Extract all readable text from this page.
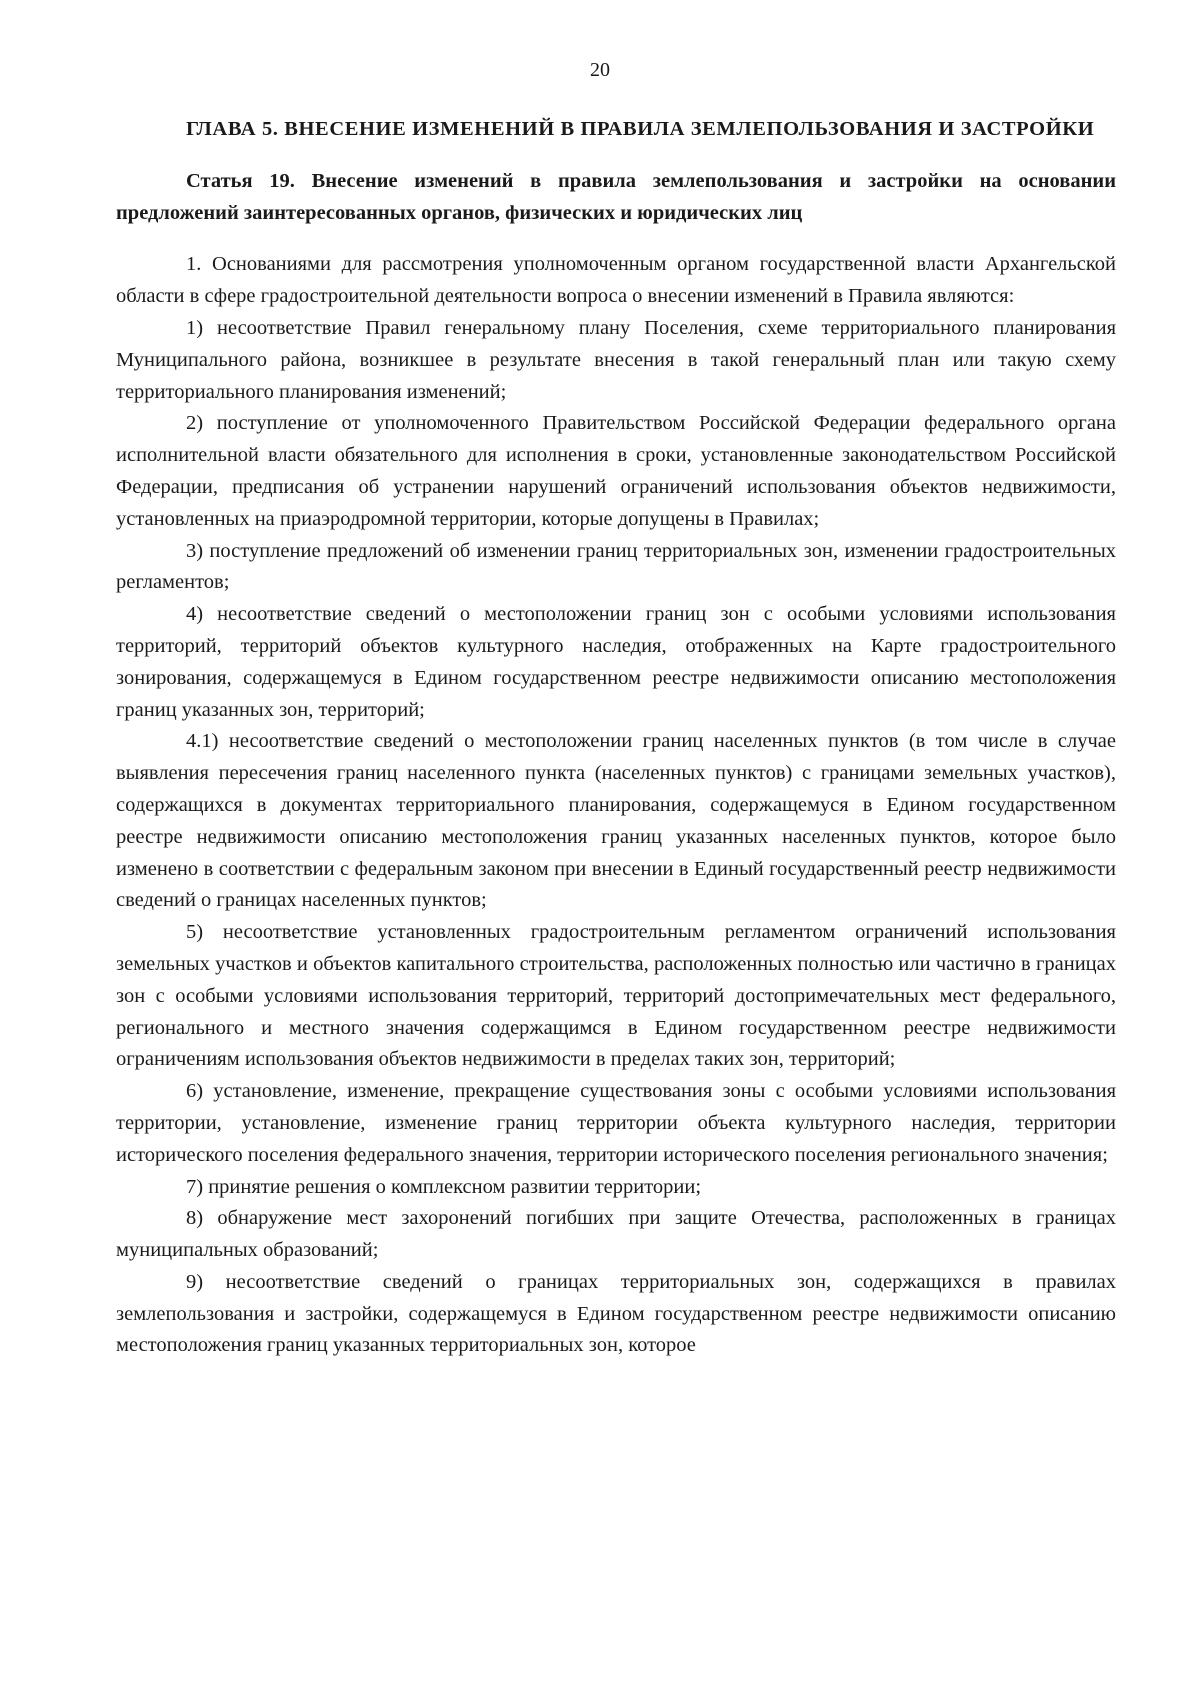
20
ГЛАВА 5. ВНЕСЕНИЕ ИЗМЕНЕНИЙ В ПРАВИЛА ЗЕМЛЕПОЛЬЗОВАНИЯ И ЗАСТРОЙКИ
Статья 19. Внесение изменений в правила землепользования и застройки на основании предложений заинтересованных органов, физических и юридических лиц

1. Основаниями для рассмотрения уполномоченным органом государственной власти Архангельской области в сфере градостроительной деятельности вопроса о внесении изменений в Правила являются:

1) несоответствие Правил генеральному плану Поселения, схеме территориального планирования Муниципального района, возникшее в результате внесения в такой генеральный план или такую схему территориального планирования изменений;

2) поступление от уполномоченного Правительством Российской Федерации федерального органа исполнительной власти обязательного для исполнения в сроки, установленные законодательством Российской Федерации, предписания об устранении нарушений ограничений использования объектов недвижимости, установленных на приаэродромной территории, которые допущены в Правилах;

3) поступление предложений об изменении границ территориальных зон, изменении градостроительных регламентов;

4) несоответствие сведений о местоположении границ зон с особыми условиями использования территорий, территорий объектов культурного наследия, отображенных на Карте градостроительного зонирования, содержащемуся в Едином государственном реестре недвижимости описанию местоположения границ указанных зон, территорий;

4.1) несоответствие сведений о местоположении границ населенных пунктов (в том числе в случае выявления пересечения границ населенного пункта (населенных пунктов) с границами земельных участков), содержащихся в документах территориального планирования, содержащемуся в Едином государственном реестре недвижимости описанию местоположения границ указанных населенных пунктов, которое было изменено в соответствии с федеральным законом при внесении в Единый государственный реестр недвижимости сведений о границах населенных пунктов;

5) несоответствие установленных градостроительным регламентом ограничений использования земельных участков и объектов капитального строительства, расположенных полностью или частично в границах зон с особыми условиями использования территорий, территорий достопримечательных мест федерального, регионального и местного значения содержащимся в Едином государственном реестре недвижимости ограничениям использования объектов недвижимости в пределах таких зон, территорий;

6) установление, изменение, прекращение существования зоны с особыми условиями использования территории, установление, изменение границ территории объекта культурного наследия, территории исторического поселения федерального значения, территории исторического поселения регионального значения;

7) принятие решения о комплексном развитии территории;

8) обнаружение мест захоронений погибших при защите Отечества, расположенных в границах муниципальных образований;

9) несоответствие сведений о границах территориальных зон, содержащихся в правилах землепользования и застройки, содержащемуся в Едином государственном реестре недвижимости описанию местоположения границ указанных территориальных зон, которое
